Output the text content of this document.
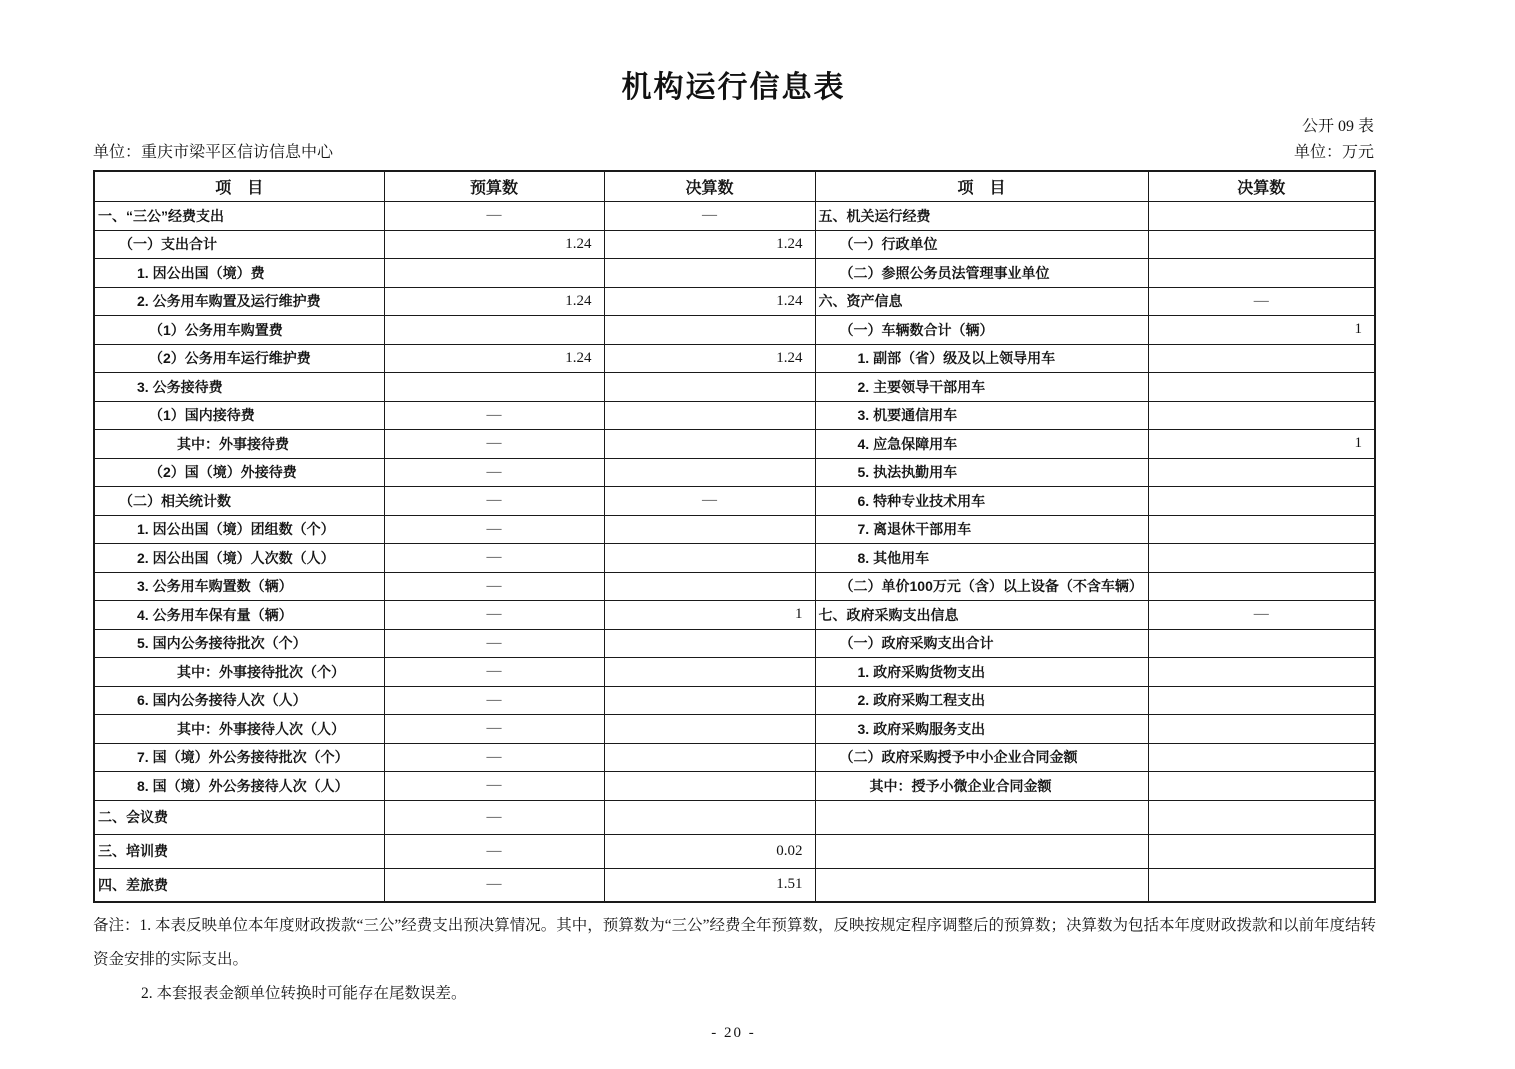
机构运行信息表
公开 09 表
单位：重庆市梁平区信访信息中心	单位：万元
项　目	预算数	决算数	项　目	决算数
一、“三公”经费支出	—	—	五、机关运行经费	
（一）支出合计	1.24	1.24	（一）行政单位	
1. 因公出国（境）费			（二）参照公务员法管理事业单位	
2. 公务用车购置及运行维护费	1.24	1.24	六、资产信息	—
（1）公务用车购置费			（一）车辆数合计（辆）	1
（2）公务用车运行维护费	1.24	1.24	1. 副部（省）级及以上领导用车	
3. 公务接待费			2. 主要领导干部用车	
（1）国内接待费	—		3. 机要通信用车	
其中：外事接待费	—		4. 应急保障用车	1
（2）国（境）外接待费	—		5. 执法执勤用车	
（二）相关统计数	—	—	6. 特种专业技术用车	
1. 因公出国（境）团组数（个）	—		7. 离退休干部用车	
2. 因公出国（境）人次数（人）	—		8. 其他用车	
3. 公务用车购置数（辆）	—		（二）单价100万元（含）以上设备（不含车辆）	
4. 公务用车保有量（辆）	—	1	七、政府采购支出信息	—
5. 国内公务接待批次（个）	—		（一）政府采购支出合计	
其中：外事接待批次（个）	—		1. 政府采购货物支出	
6. 国内公务接待人次（人）	—		2. 政府采购工程支出	
其中：外事接待人次（人）	—		3. 政府采购服务支出	
7. 国（境）外公务接待批次（个）	—		（二）政府采购授予中小企业合同金额	
8. 国（境）外公务接待人次（人）	—		其中：授予小微企业合同金额	
二、会议费	—			
三、培训费	—	0.02		
四、差旅费	—	1.51		
备注：1. 本表反映单位本年度财政拨款“三公”经费支出预决算情况。其中，预算数为“三公”经费全年预算数，反映按规定程序调整后的预算数；决算数为包括本年度财政拨款和以前年度结转
资金安排的实际支出。
2. 本套报表金额单位转换时可能存在尾数误差。
- 20 -
